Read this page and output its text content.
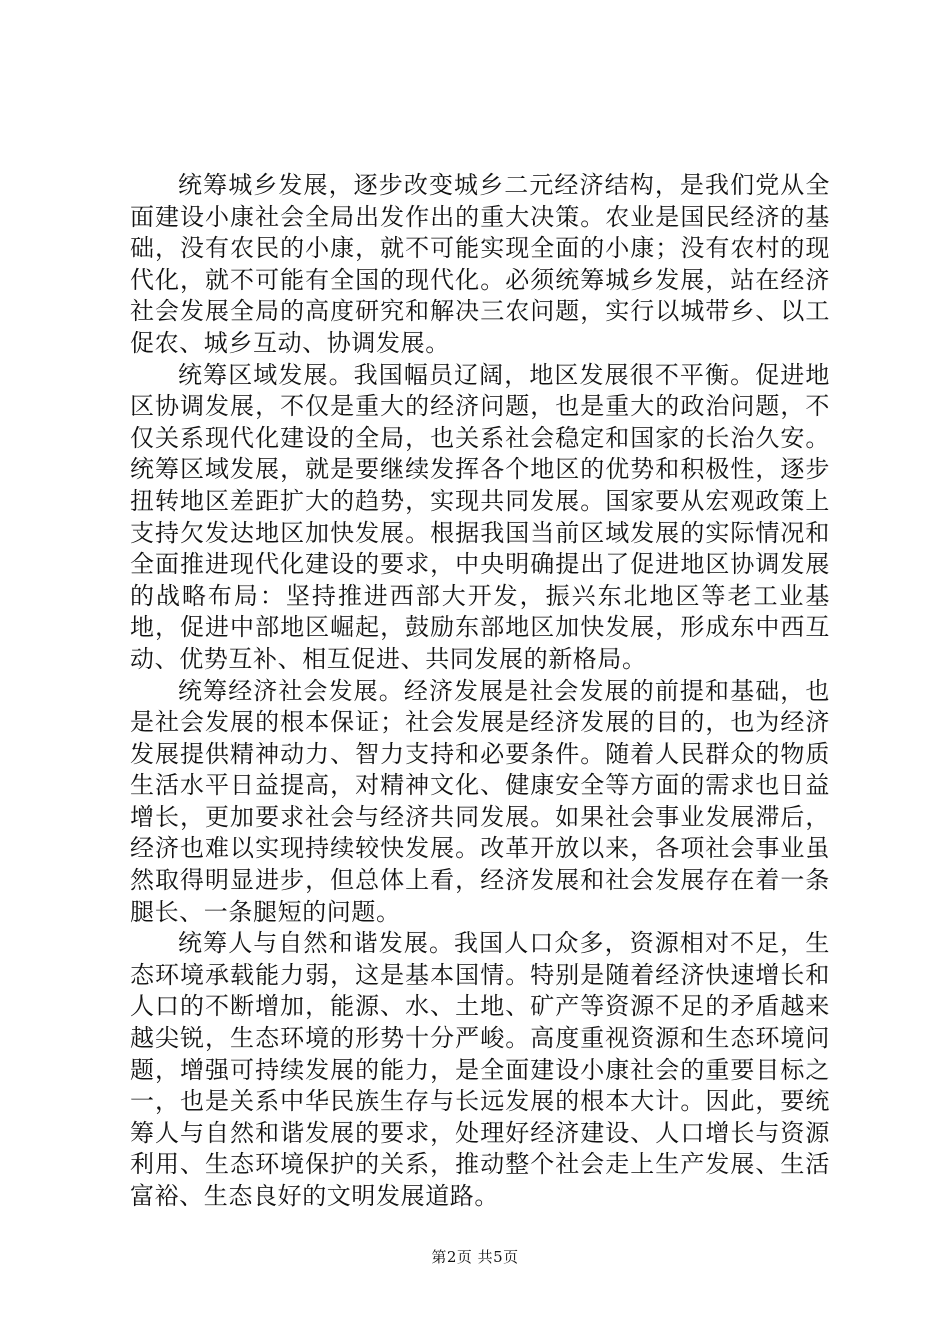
统筹城乡发展，逐步改变城乡二元经济结构，是我们党从全面建设小康社会全局出发作出的重大决策。农业是国民经济的基础，没有农民的小康，就不可能实现全面的小康；没有农村的现代化，就不可能有全国的现代化。必须统筹城乡发展，站在经济社会发展全局的高度研究和解决三农问题，实行以城带乡、以工促农、城乡互动、协调发展。

统筹区域发展。我国幅员辽阔，地区发展很不平衡。促进地区协调发展，不仅是重大的经济问题，也是重大的政治问题，不仅关系现代化建设的全局，也关系社会稳定和国家的长治久安。统筹区域发展，就是要继续发挥各个地区的优势和积极性，逐步扭转地区差距扩大的趋势，实现共同发展。国家要从宏观政策上支持欠发达地区加快发展。根据我国当前区域发展的实际情况和全面推进现代化建设的要求，中央明确提出了促进地区协调发展的战略布局：坚持推进西部大开发，振兴东北地区等老工业基地，促进中部地区崛起，鼓励东部地区加快发展，形成东中西互动、优势互补、相互促进、共同发展的新格局。

统筹经济社会发展。经济发展是社会发展的前提和基础，也是社会发展的根本保证；社会发展是经济发展的目的，也为经济发展提供精神动力、智力支持和必要条件。随着人民群众的物质生活水平日益提高，对精神文化、健康安全等方面的需求也日益增长，更加要求社会与经济共同发展。如果社会事业发展滞后，经济也难以实现持续较快发展。改革开放以来，各项社会事业虽然取得明显进步，但总体上看，经济发展和社会发展存在着一条腿长、一条腿短的问题。

统筹人与自然和谐发展。我国人口众多，资源相对不足，生态环境承载能力弱，这是基本国情。特别是随着经济快速增长和人口的不断增加，能源、水、土地、矿产等资源不足的矛盾越来越尖锐，生态环境的形势十分严峻。高度重视资源和生态环境问题，增强可持续发展的能力，是全面建设小康社会的重要目标之一，也是关系中华民族生存与长远发展的根本大计。因此，要统筹人与自然和谐发展的要求，处理好经济建设、人口增长与资源利用、生态环境保护的关系，推动整个社会走上生产发展、生活富裕、生态良好的文明发展道路。

第2页 共5页
